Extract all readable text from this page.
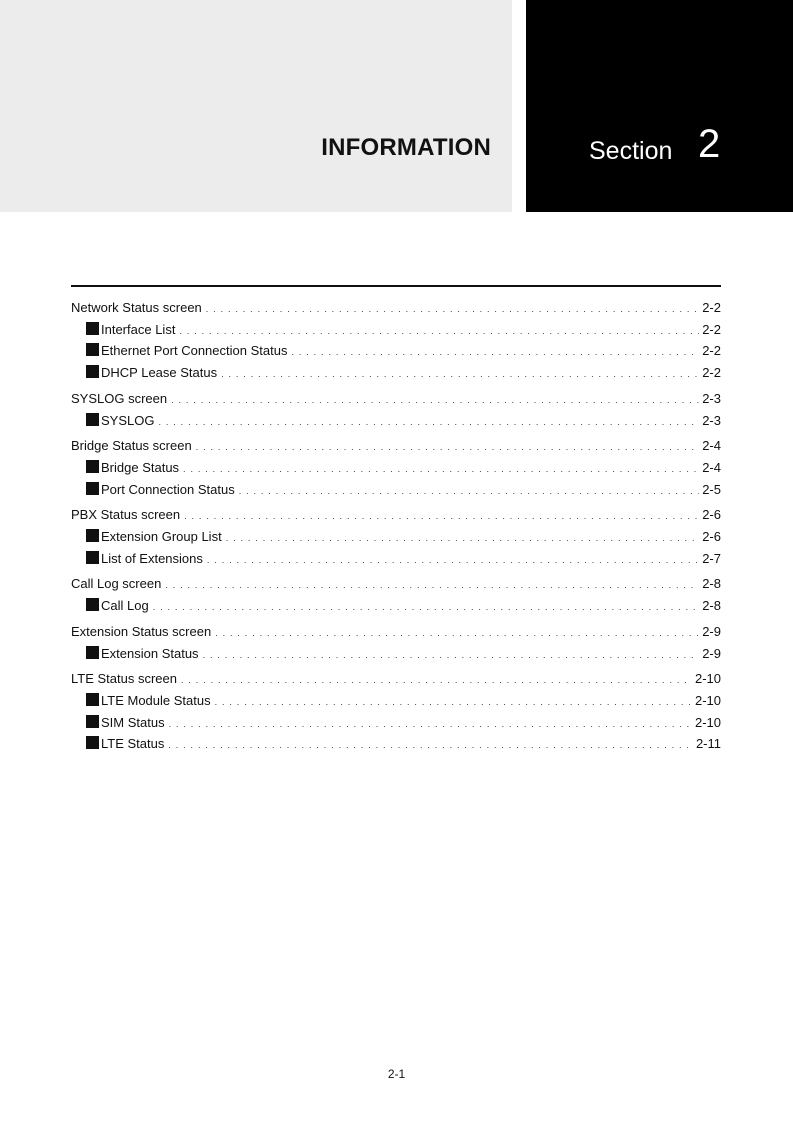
INFORMATION	Section 2
Network Status screen . . .	2-2
Interface List . . .	2-2
Ethernet Port Connection Status . . .	2-2
DHCP Lease Status . . .	2-2
SYSLOG screen . . .	2-3
SYSLOG . . .	2-3
Bridge Status screen . . .	2-4
Bridge Status . . .	2-4
Port Connection Status . . .	2-5
PBX Status screen . . .	2-6
Extension Group List . . .	2-6
List of Extensions . . .	2-7
Call Log screen . . .	2-8
Call Log . . .	2-8
Extension Status screen . . .	2-9
Extension Status . . .	2-9
LTE Status screen . . .	2-10
LTE Module Status . . .	2-10
SIM Status . . .	2-10
LTE Status . . .	2-11
2-1
